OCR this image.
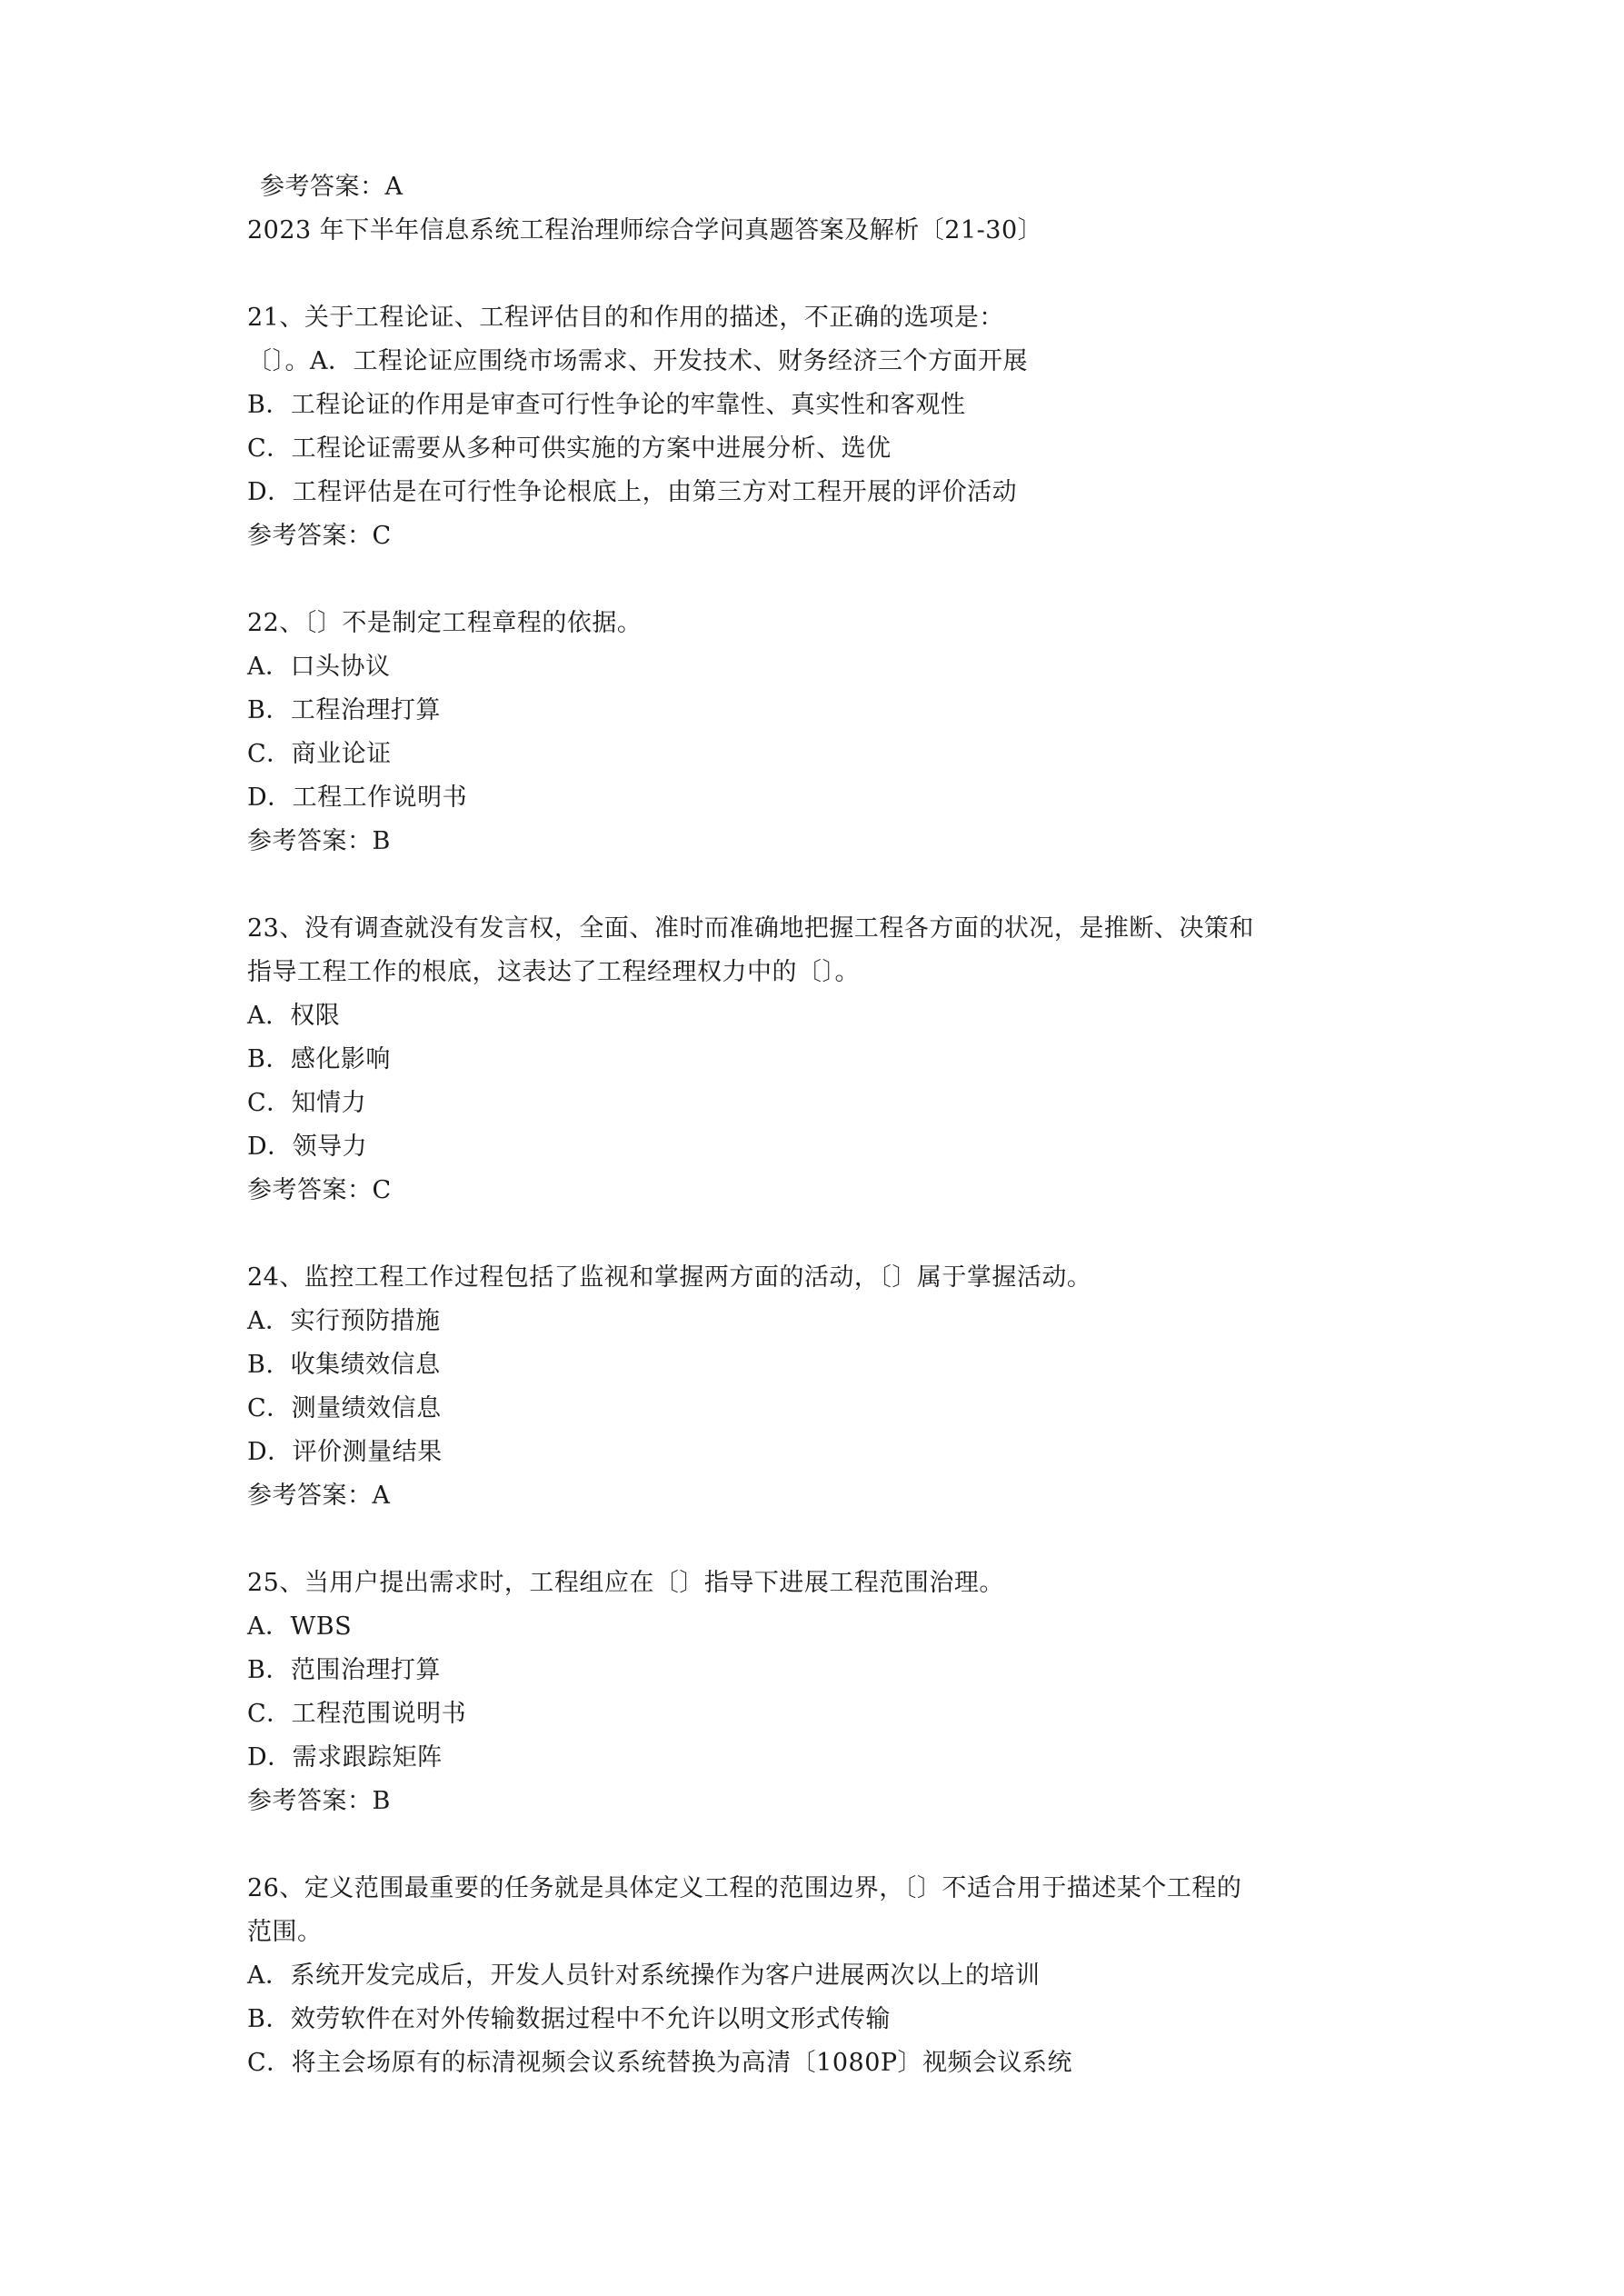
参考答案：A
2023 年下半年信息系统工程治理师综合学问真题答案及解析〔21-30〕
21、关于工程论证、工程评估目的和作用的描述，不正确的选项是：
〔〕。A．工程论证应围绕市场需求、开发技术、财务经济三个方面开展
B．工程论证的作用是审查可行性争论的牢靠性、真实性和客观性
C．工程论证需要从多种可供实施的方案中进展分析、选优
D．工程评估是在可行性争论根底上，由第三方对工程开展的评价活动
参考答案：C
22、〔〕不是制定工程章程的依据。
A．口头协议
B．工程治理打算
C．商业论证
D．工程工作说明书
参考答案：B
23、没有调查就没有发言权，全面、准时而准确地把握工程各方面的状况，是推断、决策和
指导工程工作的根底，这表达了工程经理权力中的〔〕。
A.  权限
B．感化影响
C．知情力
D．领导力
参考答案：C
24、监控工程工作过程包括了监视和掌握两方面的活动，〔〕属于掌握活动。
A．实行预防措施
B.  收集绩效信息
C．测量绩效信息
D．评价测量结果
参考答案：A
25、当用户提出需求时，工程组应在〔〕指导下进展工程范围治理。
A．WBS
B．范围治理打算
C．工程范围说明书
D．需求跟踪矩阵
参考答案：B
26、定义范围最重要的任务就是具体定义工程的范围边界，〔〕不适合用于描述某个工程的
范围。
A．系统开发完成后，开发人员针对系统操作为客户进展两次以上的培训
B．效劳软件在对外传输数据过程中不允许以明文形式传输
C．将主会场原有的标清视频会议系统替换为高清〔1080P〕视频会议系统
